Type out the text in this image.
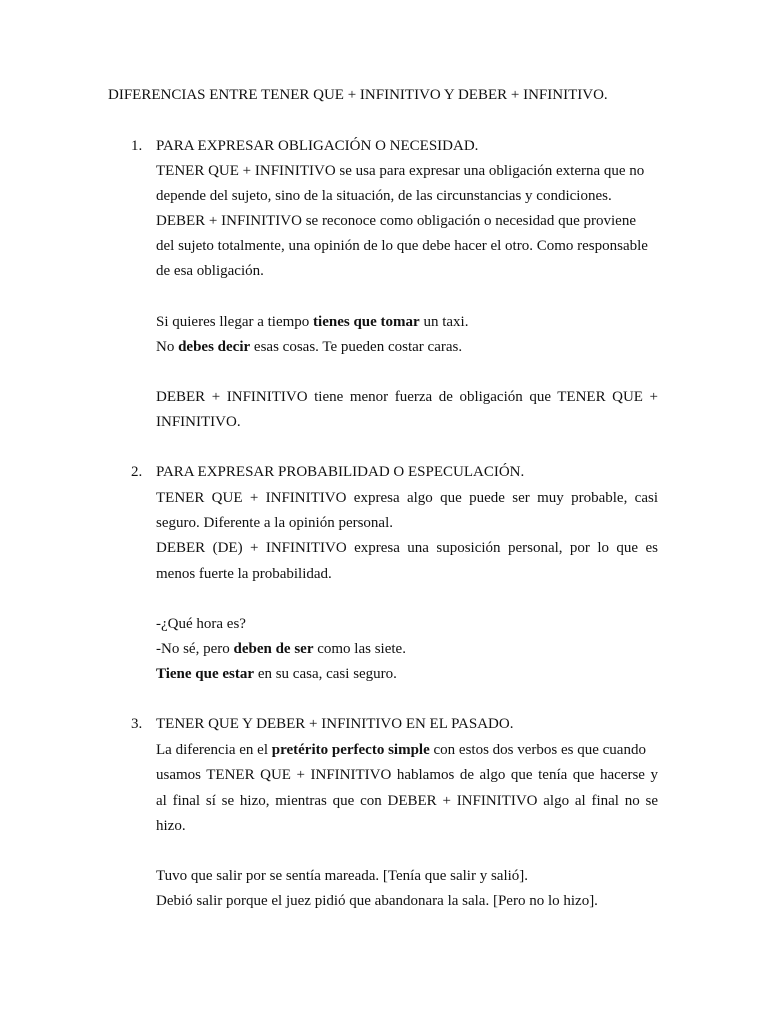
DIFERENCIAS ENTRE TENER QUE + INFINITIVO Y DEBER + INFINITIVO.
1. PARA EXPRESAR OBLIGACIÓN O NECESIDAD.
TENER QUE + INFINITIVO se usa para expresar una obligación externa que no
depende del sujeto, sino de la situación, de las circunstancias y condiciones.
DEBER + INFINITIVO se reconoce como obligación o necesidad que proviene
del sujeto totalmente, una opinión de lo que debe hacer el otro. Como responsable
de esa obligación.
Si quieres llegar a tiempo tienes que tomar un taxi.
No debes decir esas cosas. Te pueden costar caras.
DEBER + INFINITIVO tiene menor fuerza de obligación que TENER QUE +
INFINITIVO.
2. PARA EXPRESAR PROBABILIDAD O ESPECULACIÓN.
TENER QUE + INFINITIVO expresa algo que puede ser muy probable, casi
seguro. Diferente a la opinión personal.
DEBER (DE) + INFINITIVO expresa una suposición personal, por lo que es
menos fuerte la probabilidad.
-¿Qué hora es?
-No sé, pero deben de ser como las siete.
Tiene que estar en su casa, casi seguro.
3. TENER QUE Y DEBER + INFINITIVO EN EL PASADO.
La diferencia en el pretérito perfecto simple con estos dos verbos es que cuando
usamos TENER QUE + INFINITIVO hablamos de algo que tenía que hacerse y
al final sí se hizo, mientras que con DEBER + INFINITIVO algo al final no se
hizo.
Tuvo que salir por se sentía mareada. [Tenía que salir y salió].
Debió salir porque el juez pidió que abandonara la sala. [Pero no lo hizo].
